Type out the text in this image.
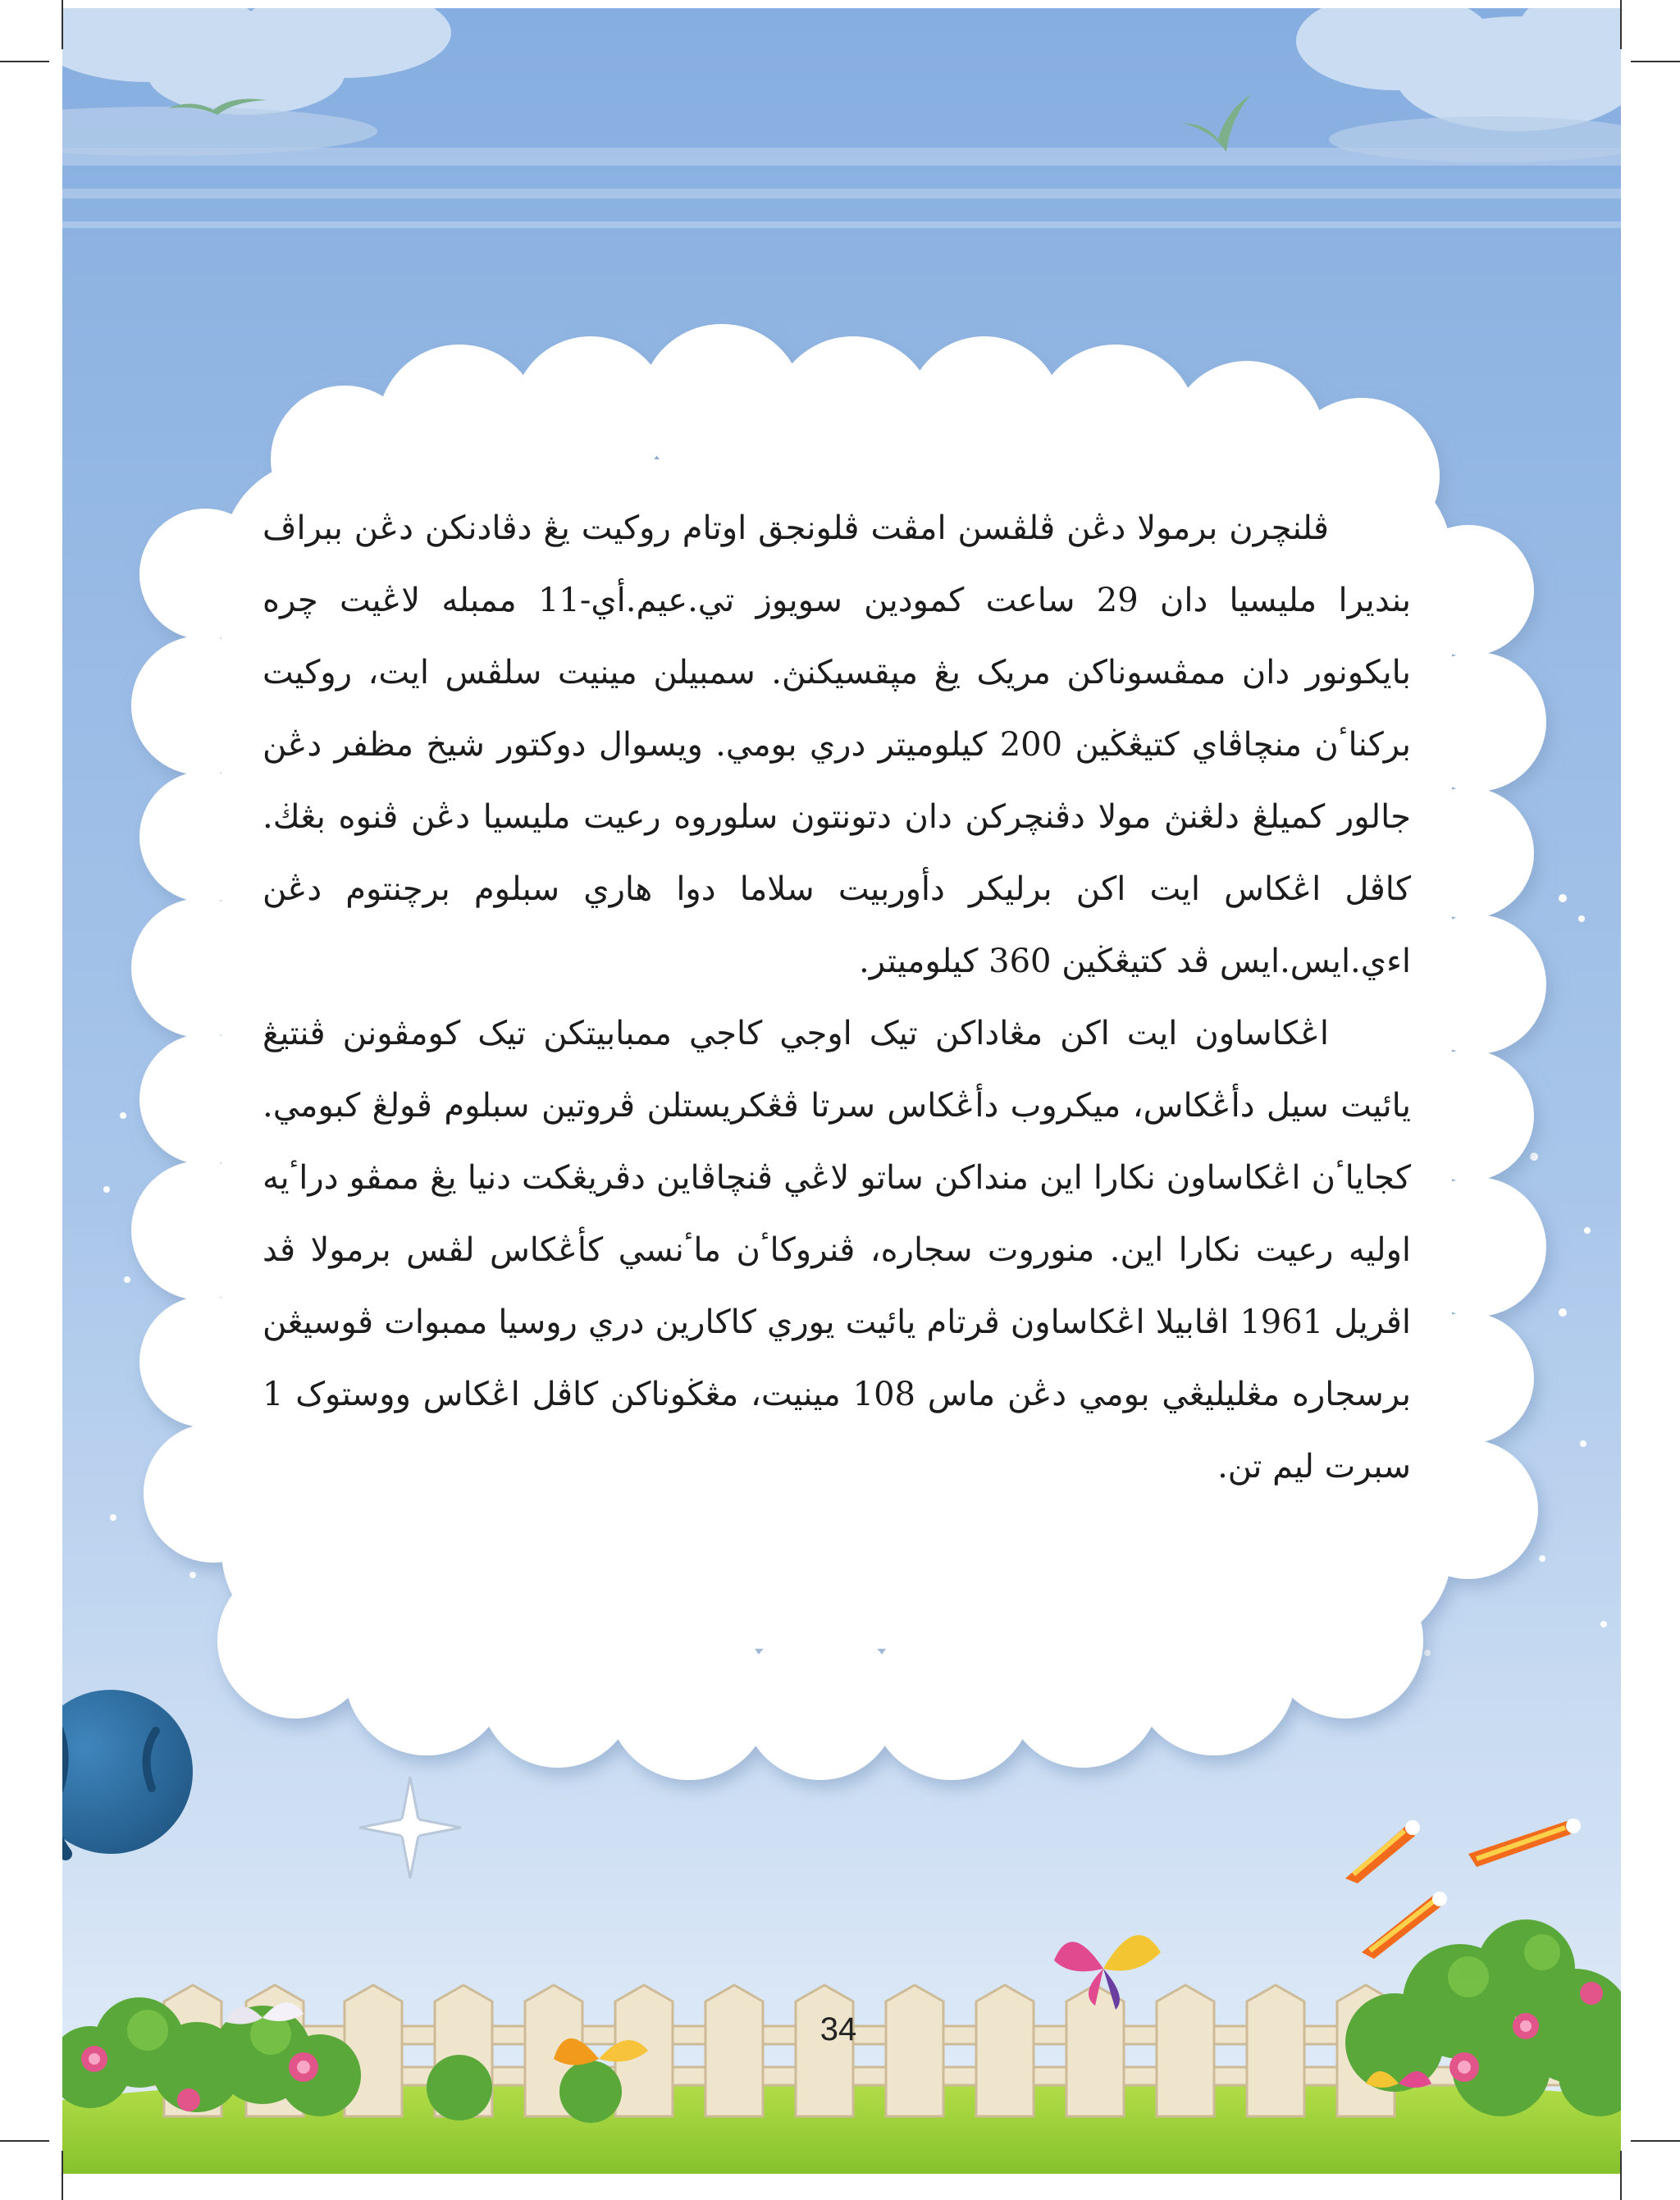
ڤلنچرن برمولا دڠن ڤلڤسن امڤت ڤلونجق اوتام روکيت يڠ دڤادنکن دڠن ببراڤ بنديرا مليسيا دان 29 ساعت کمودين سويوز تي.عيم.أي-11 ممبله لاڠيت چره بايکونور دان ممڤسوناکن مريک يڠ مپقسيکنڽ. سمبيلن مينيت سلڤس ايت، روکيت برکناٴن منچاڤاي کتيڠڬين 200 کيلوميتر دري بومي. ويسوال دوکتور شيخ مظفر دڠن جالور کميلڠ دلڠنڽ مولا دڤنچرکن دان دتونتون سلوروه رعيت مليسيا دڠن ڤنوه بڠڬ. کاڤل اڠکاس ايت اکن برليکر دأوربيت سلاما دوا هاري سبلوم برچنتوم دڠن اءي.ايس.ايس ڤد کتيڠڬين 360 کيلوميتر.

اڠکاساون ايت اکن مڠاداکن تيک اوجي کاجي ممبابيتکن تيک کومڤونن ڤنتيڠ يائيت سيل دأڠکاس، ميکروب دأڠکاس سرتا ڤڠکريستلن ڤروتين سبلوم ڤولڠ کبومي. کجاياٴن اڠکاساون نکارا اين منداکن ساتو لاڠي ڤنچاڤاين دڤريڠکت دنيا يڠ ممڤو دراٴيه اوليه رعيت نکارا اين. منوروت سجاره، ڤنروکاٴن ماٴنسي کأڠکاس لڤس برمولا ڤد اڤريل 1961 اڤابيلا اڠکاساون ڤرتام يائيت يوري کاکارين دري روسيا ممبوات ڤوسيڠن برسجاره مڠليليڠي بومي دڠن ماس 108 مينيت، مڠڬوناکن کاڤل اڠکاس ووستوک 1 سبرت ليم تن.

34
